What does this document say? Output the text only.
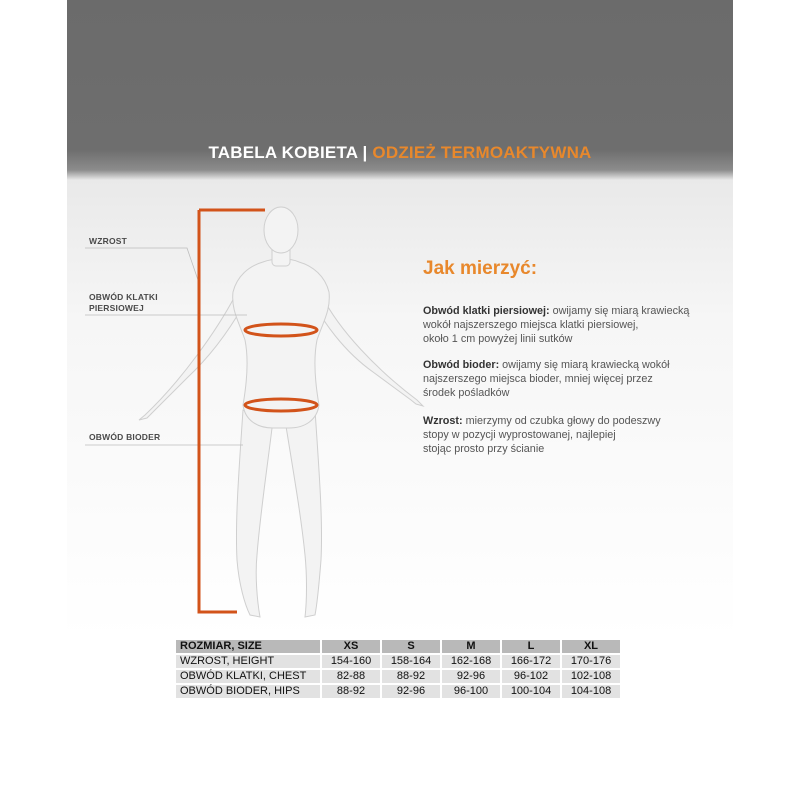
TABELA KOBIETA | ODZIEŻ TERMOAKTYWNA
WZROST
OBWÓD KLATKI
PIERSIOWEJ
OBWÓD BIODER
Jak mierzyć:
Obwód klatki piersiowej: owijamy się miarą krawiecką
wokół najszerszego miejsca klatki piersiowej,
około 1 cm powyżej linii sutków
Obwód bioder: owijamy się miarą krawiecką wokół
najszerszego miejsca bioder, mniej więcej przez
środek pośladków
Wzrost: mierzymy od czubka głowy do podeszwy
stopy w pozycji wyprostowanej, najlepiej
stojąc prosto przy ścianie
ROZMIAR, SIZE	XS	S	M	L	XL
WZROST, HEIGHT	154-160	158-164	162-168	166-172	170-176
OBWÓD KLATKI, CHEST	82-88	88-92	92-96	96-102	102-108
OBWÓD BIODER, HIPS	88-92	92-96	96-100	100-104	104-108
